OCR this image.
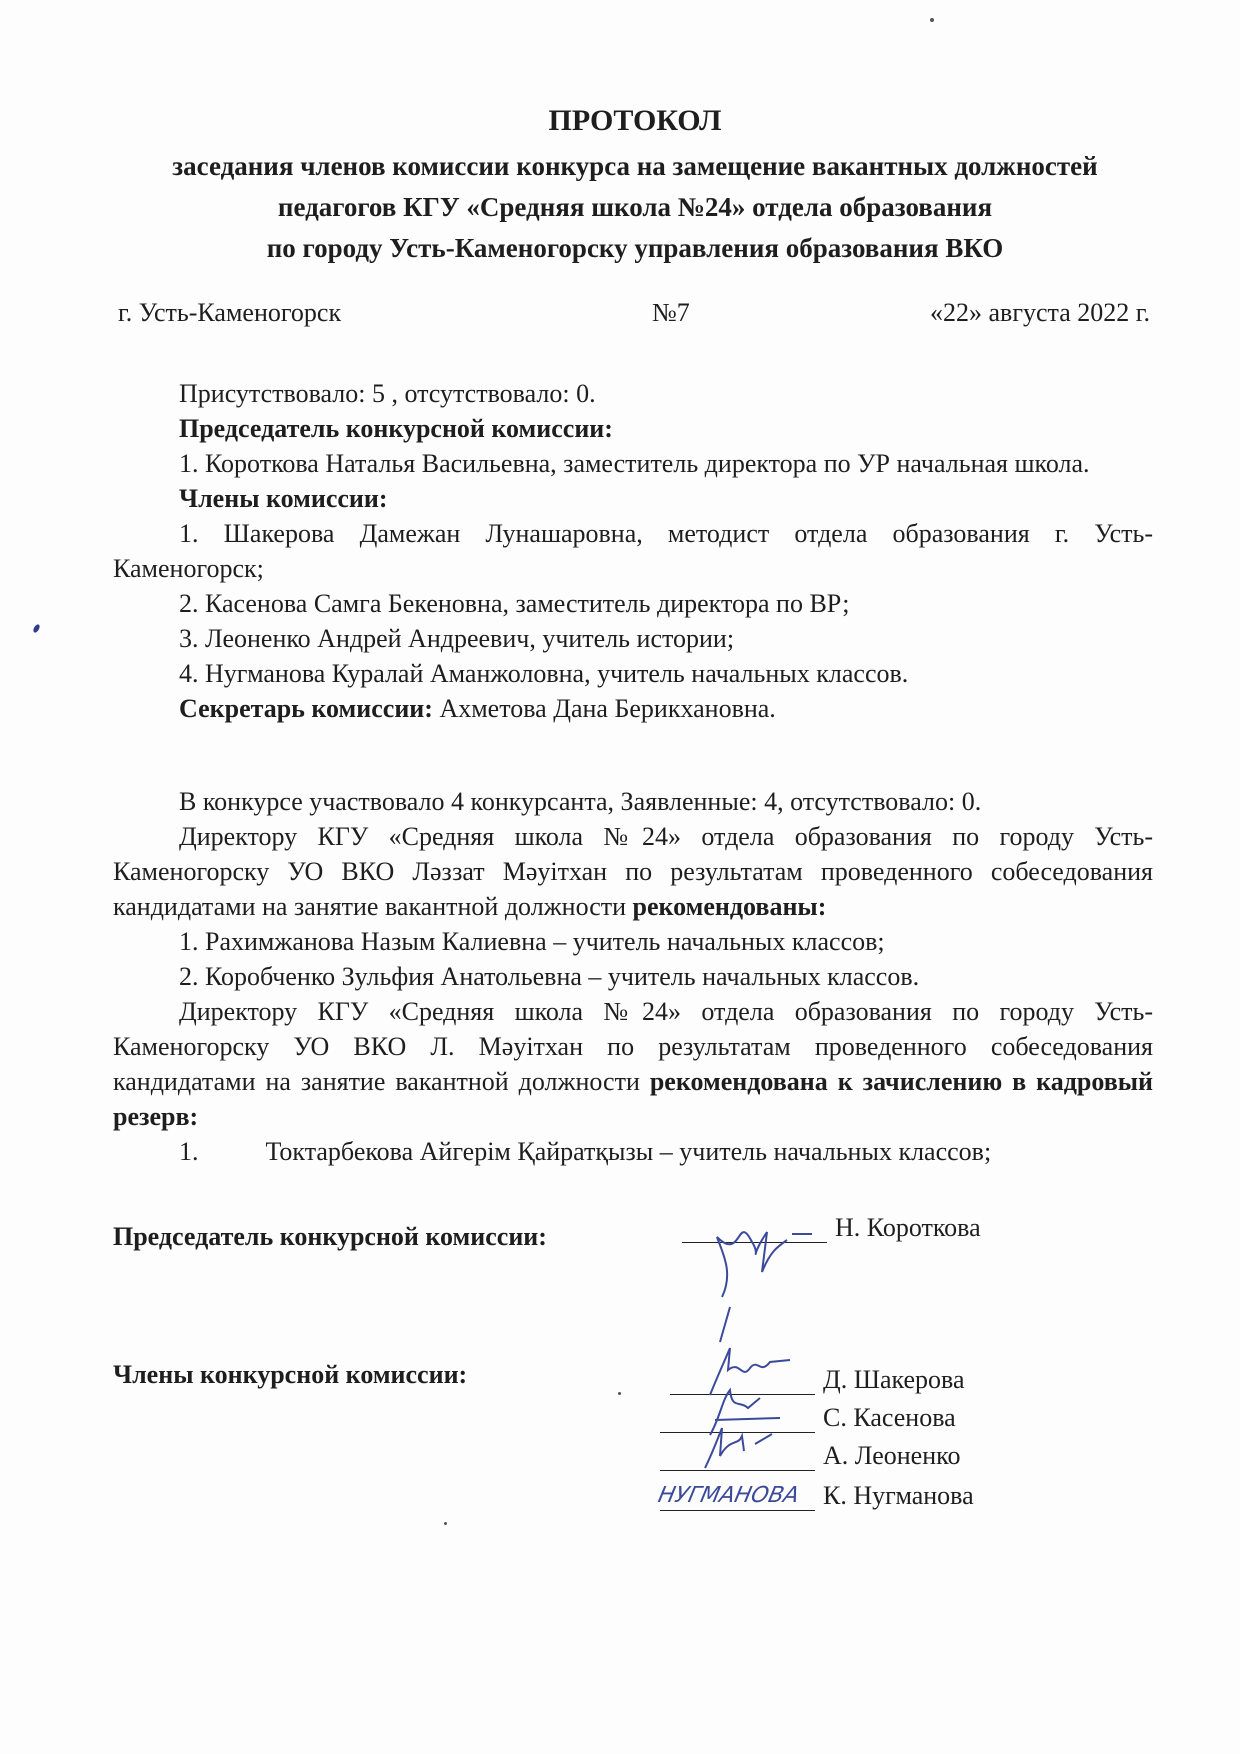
ПРОТОКОЛ
заседания членов комиссии конкурса на замещение вакантных должностей
педагогов КГУ «Средняя школа №24» отдела образования
по городу Усть-Каменогорску управления образования ВКО
г. Усть-Каменогорск	№7	«22» августа 2022 г.

Присутствовало: 5 , отсутствовало: 0.

Председатель конкурсной комиссии:

1. Короткова Наталья Васильевна, заместитель директора по УР начальная школа.

Члены комиссии:

1. Шакерова Дамежан Лунашаровна, методист отдела образования г. Усть-Каменогорск;

2. Касенова Самга Бекеновна, заместитель директора по ВР;

3. Леоненко Андрей Андреевич, учитель истории;

4. Нугманова Куралай Аманжоловна, учитель начальных классов.

Секретарь комиссии: Ахметова Дана Берикхановна.

В конкурсе участвовало 4 конкурсанта, Заявленные: 4, отсутствовало: 0.

Директору КГУ «Средняя школа №24» отдела образования по городу Усть-Каменогорску УО ВКО Ләззат Мәуітхан по результатам проведенного собеседования кандидатами на занятие вакантной должности рекомендованы:

1. Рахимжанова Назым Калиевна – учитель начальных классов;

2. Коробченко Зульфия Анатольевна – учитель начальных классов.

Директору КГУ «Средняя школа №24» отдела образования по городу Усть-Каменогорску УО ВКО Л. Мәуітхан по результатам проведенного собеседования кандидатами на занятие вакантной должности рекомендована к зачислению в кадровый резерв:

1.	Токтарбекова Айгерім Қайратқызы – учитель начальных классов;

Председатель конкурсной комиссии:	Н. Короткова
Члены конкурсной комиссии:	Д. Шакерова
С. Касенова
А. Леоненко
НУГМАНОВА К. Нугманова
